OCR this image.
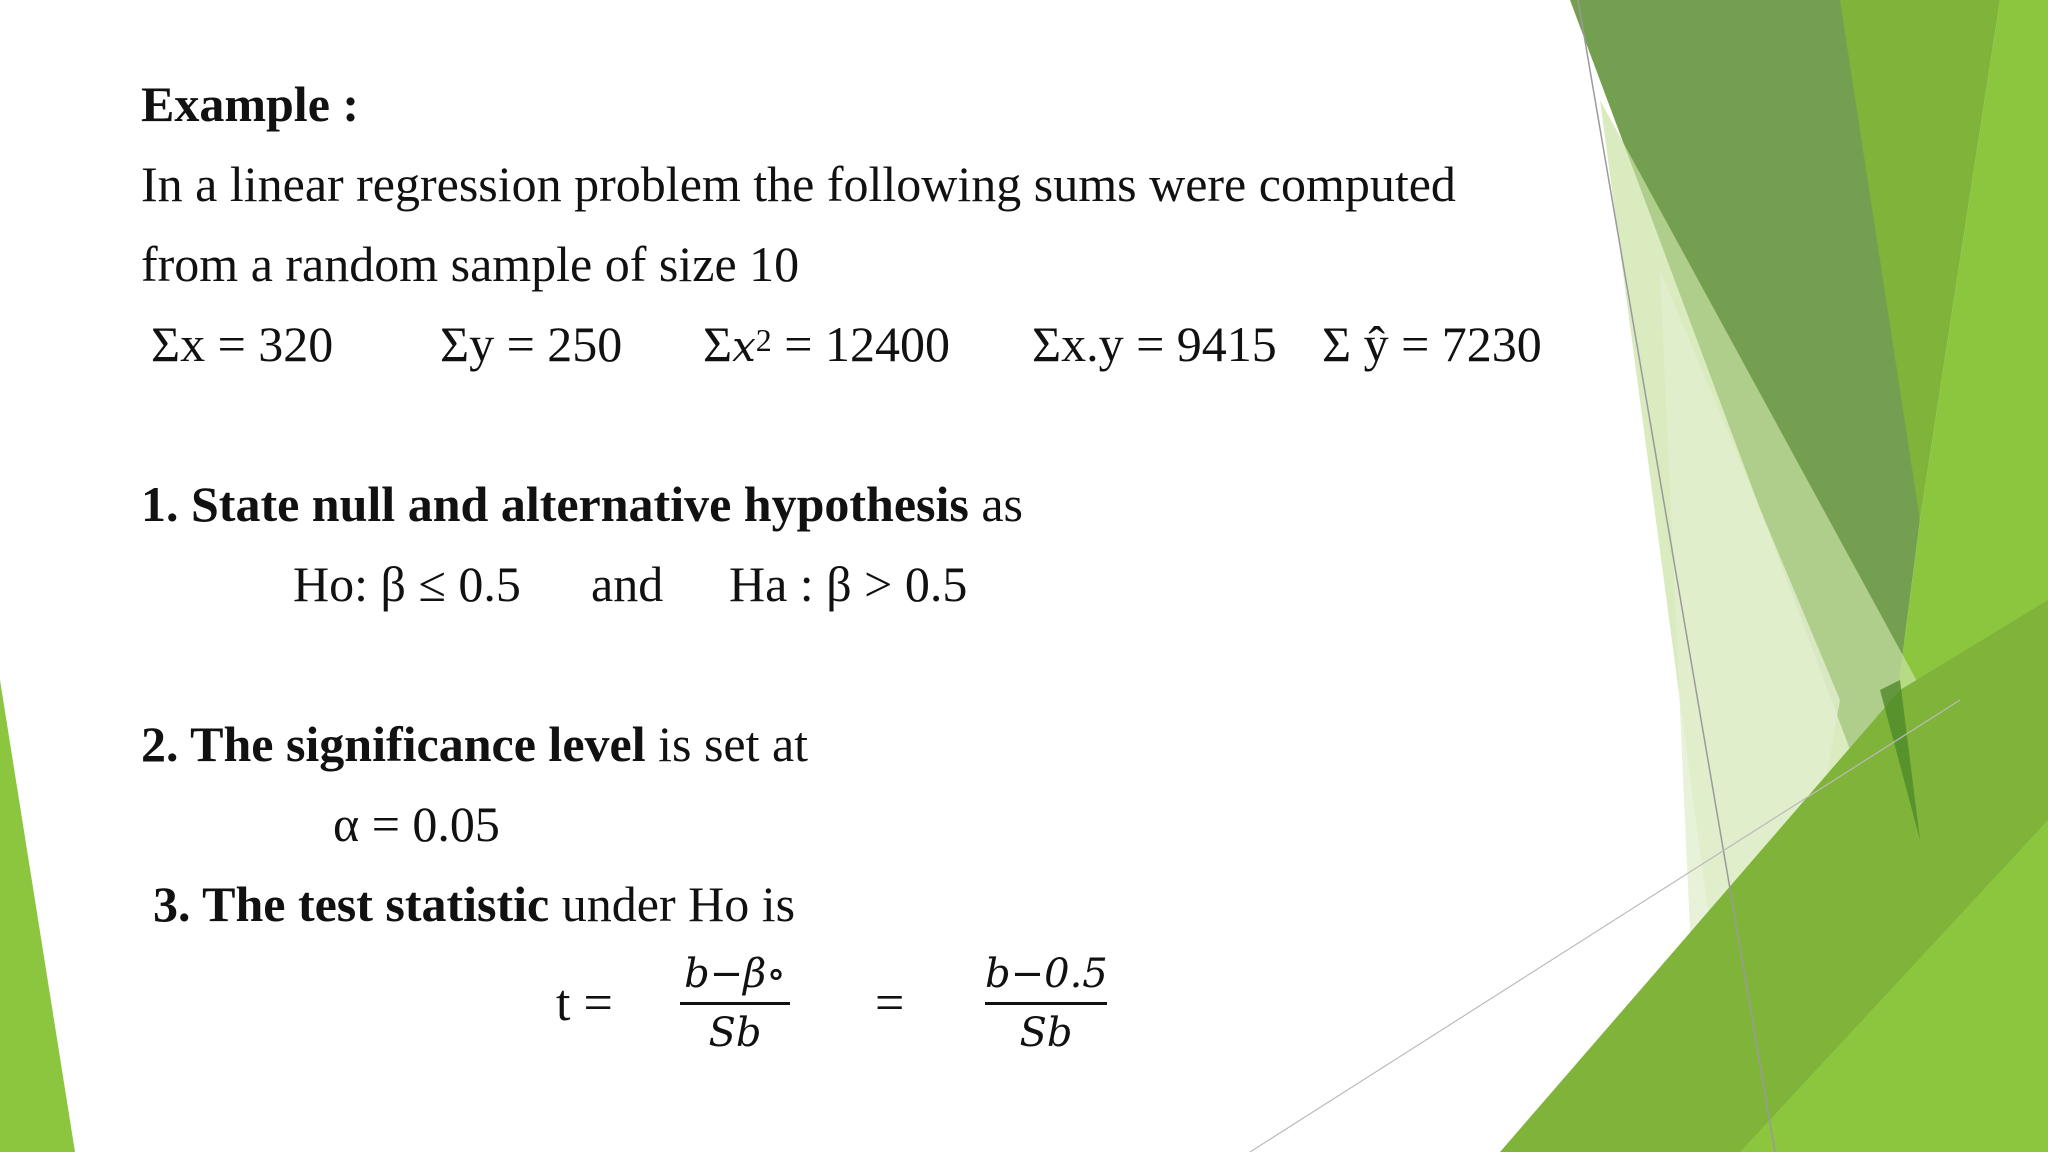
Example :
In a linear regression problem the following sums were computed
from a random sample of size 10
Σx = 320 Σy = 250 $\Sigma x^2 = 12400$ Σx.y = 9415 Σ ŷ = 7230
1. State null and alternative hypothesis as
Ho: β ≤ 0.5 and Ha : β > 0.5
2. The significance level is set at
α = 0.05
3. The test statistic under Ho is
t =
b−β∘
Sb
=
b−0.5
Sb
